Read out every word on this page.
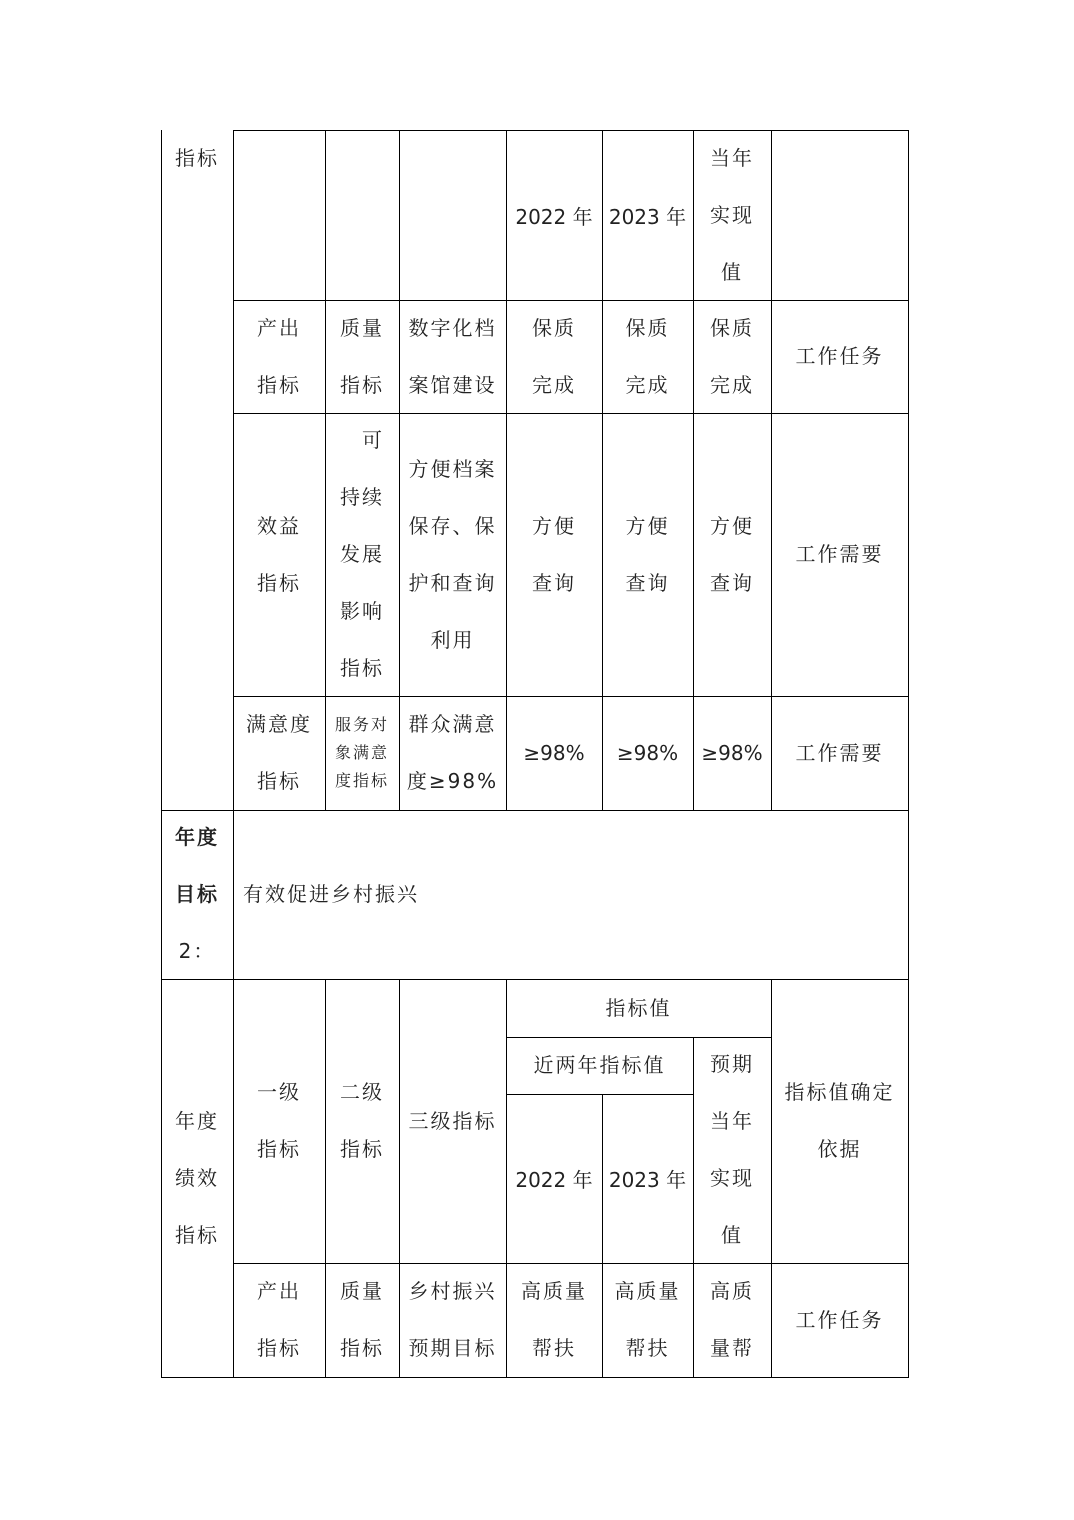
指标
2022 年 2023 年
当年
实现
值
产出
指标
质量
指标
数字化档
案馆建设
保质
完成
保质
完成
保质
完成
工作任务
效益
指标
可
持续
发展
影响
指标
方便档案
保存、保
护和查询
利用
方便
查询
方便
查询
方便
查询
工作需要
满意度
指标
服务对
象满意
度指标
群众满意
度≥98%
≥98% ≥98% ≥98% 工作需要
年度
目标
2：
有效促进乡村振兴
年度
绩效
指标
一级
指标
二级
指标
三级指标
指标值
近两年指标值
2022 年 2023 年
预期
当年
实现
值
指标值确定
依据
产出
指标
质量
指标
乡村振兴
预期目标
高质量
帮扶
高质量
帮扶
高质
量帮
工作任务
